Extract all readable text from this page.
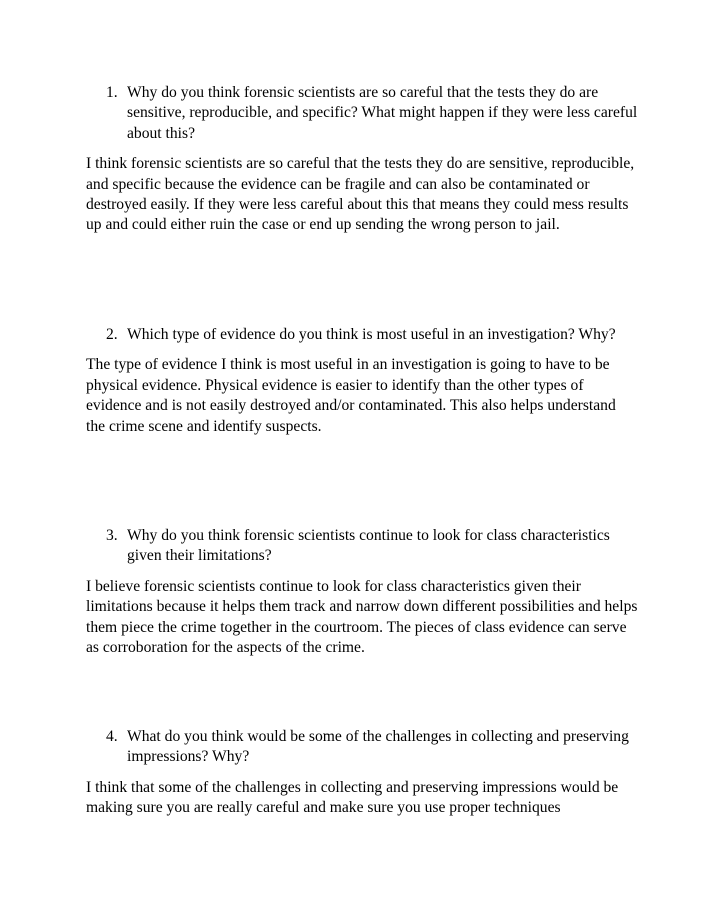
1. Why do you think forensic scientists are so careful that the tests they do are sensitive, reproducible, and specific? What might happen if they were less careful about this?

I think forensic scientists are so careful that the tests they do are sensitive, reproducible, and specific because the evidence can be fragile and can also be contaminated or destroyed easily. If they were less careful about this that means they could mess results up and could either ruin the case or end up sending the wrong person to jail.

2. Which type of evidence do you think is most useful in an investigation? Why?

The type of evidence I think is most useful in an investigation is going to have to be physical evidence. Physical evidence is easier to identify than the other types of evidence and is not easily destroyed and/or contaminated. This also helps understand the crime scene and identify suspects.

3. Why do you think forensic scientists continue to look for class characteristics given their limitations?

I believe forensic scientists continue to look for class characteristics given their limitations because it helps them track and narrow down different possibilities and helps them piece the crime together in the courtroom. The pieces of class evidence can serve as corroboration for the aspects of the crime.

4. What do you think would be some of the challenges in collecting and preserving impressions? Why?

I think that some of the challenges in collecting and preserving impressions would be making sure you are really careful and make sure you use proper techniques
